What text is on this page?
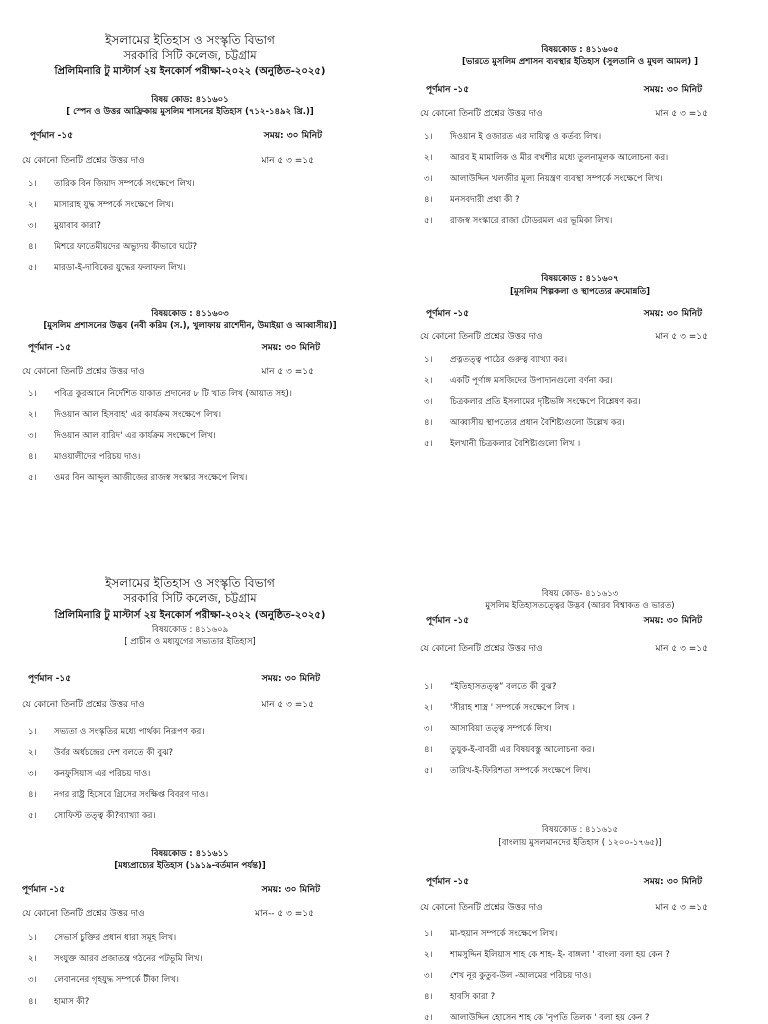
ইসলামের ইতিহাস ও সংস্কৃতি বিভাগ
সরকারি সিটি কলেজ, চট্টগ্রাম
প্রিলিমিনারি টু মাস্টার্স ২য় ইনকোর্স পরীক্ষা-২০২২ (অনুষ্ঠিত-২০২৫)
বিষয় কোড: ৪১১৬০১
[ স্পেন ও উত্তর আফ্রিকায় মুসলিম শাসনের ইতিহাস (৭১২-১৪৯২ খ্রি.)]
পূর্ণমান -১৫	সময়: ৩০ মিনিট
যে কোনো তিনটি প্রশ্নের উত্তর দাও	মান ৫ ৩ =১৫
১। তারিক বিন জিয়াদ সম্পর্কে সংক্ষেপে লিখ।
২। মাসারাহ যুদ্ধ সম্পর্কে সংক্ষেপে লিখ।
৩। মুয়াবাব কারা?
৪। মিশরে ফাতেমীয়দের অভ্যুদয় কীভাবে ঘটে?
৫। মারডা-ই-দাবিকের যুদ্ধের ফলাফল লিখ।
বিষয়কোড : ৪১১৬০৩
[মুসলিম প্রশাসনের উদ্ভব (নবী করিম (স.), খুলাফায় রাশেদীন, উমাইয়া ও আব্বাসীয়)]
পূর্ণমান -১৫	সময়: ৩০ মিনিট
যে কোনো তিনটি প্রশ্নের উত্তর দাও	মান ৫ ৩ =১৫
১। পবিত্র কুরআনে নির্দেশিত যাকাত প্রদানের ৮ টি খাত লিখ (আয়াত সহ)।
২। দিওয়ান আল হিসবাহ' এর কার্যক্রম সংক্ষেপে লিখ।
৩। দিওয়ান আল বারিদ' এর কার্যক্রম সংক্ষেপে লিখ।
৪। মাওয়ালীদের পরিচয় দাও।
৫। ওমর বিন আব্দুল আজীজের রাজস্ব সংস্কার সংক্ষেপে লিখ।
ইসলামের ইতিহাস ও সংস্কৃতি বিভাগ
সরকারি সিটি কলেজ, চট্টগ্রাম
প্রিলিমিনারি টু মাস্টার্স ২য় ইনকোর্স পরীক্ষা-২০২২ (অনুষ্ঠিত-২০২৫)
বিষয়কোড : ৪১১৬০৯
[ প্রাচীন ও মধ্যযুগের সভ্যতার ইতিহাস]
পূর্ণমান -১৫	সময়: ৩০ মিনিট
যে কোনো তিনটি প্রশ্নের উত্তর দাও	মান ৫ ৩ =১৫
১। সভ্যতা ও সংস্কৃতির মধ্যে পার্থক্য নিরূপণ কর।
২। উর্বর অর্ধচন্দ্রের দেশ বলতে কী বুঝ?
৩। কনফুসিয়াস এর পরিচয় দাও।
৪। নগর রাষ্ট্র হিসেবে গ্রিসের সংক্ষিপ্ত বিবরণ দাও।
৫। সোফিস্ট তত্ত্ব কী?ব্যাখ্যা কর।
বিষয়কোড : ৪১১৬১১
[মধ্যপ্রাচ্যের ইতিহাস (১৯১৯-বর্তমান পর্যন্ত)]
পূর্ণমান -১৫	সময়: ৩০ মিনিট
যে কোনো তিনটি প্রশ্নের উত্তর দাও	মান-- ৫ ৩ =১৫
১। সেভার্স চুক্তির প্রধান ধারা সমূহ লিখ।
২। সংযুক্ত আরব প্রজাতন্ত্র গঠনের পটভূমি লিখ।
৩। লেবাননের গৃহযুদ্ধ সম্পর্কে টীকা লিখ।
৪। হামাস কী?
বিষয়কোড : ৪১১৬০৫
[ভারতে মুসলিম প্রশাসন ব্যবস্থার ইতিহাস (সুলতানি ও মুঘল আমল) ]
পূর্ণমান -১৫	সময়: ৩০ মিনিট
যে কোনো তিনটি প্রশ্নের উত্তর দাও	মান ৫ ৩ =১৫
১। দিওয়ান ই ওজারত এর দায়িত্ব ও কর্তব্য লিখ।
২। আরব ই মামালিক ও মীর বখশীর মধ্যে তুলনামূলক আলোচনা কর।
৩। আলাউদ্দিন খলজীর মূল্য নিয়ন্ত্রণ ব্যবস্থা সম্পর্কে সংক্ষেপে লিখ।
৪। মনসবদারী প্রথা কী ?
৫। রাজস্ব সংস্কারে রাজা টোডরমল এর ভূমিকা লিখ।
বিষয়কোড : ৪১১৬০৭
[মুসলিম শিল্পকলা ও স্থাপত্যের ক্রমোন্নতি]
পূর্ণমান -১৫	সময়: ৩০ মিনিট
যে কোনো তিনটি প্রশ্নের উত্তর দাও	মান ৫ ৩ =১৫
১। প্রত্নতত্ত্ব পাঠের গুরুত্ব ব্যাখ্যা কর।
২। একটি পূর্ণাঙ্গ মসজিদের উপাদানগুলো বর্ণনা কর।
৩। চিত্রকলার প্রতি ইসলামের দৃষ্টিভঙ্গি সংক্ষেপে বিশ্লেষণ কর।
৪। আব্বাসীয় স্থাপত্যের প্রধান বৈশিষ্ট্যগুলো উল্লেখ কর।
৫। ইলখানী চিত্রকলার বৈশিষ্ট্যগুলো লিখ ।
বিষয় কোড- ৪১১৬১৩
মুসলিম ইতিহাসতত্ত্বের উদ্ভব (আরব বিশ্বাকত ও ভারত)
পূর্ণমান -১৫	সময়: ৩০ মিনিট
যে কোনো তিনটি প্রশ্নের উত্তর দাও	মান ৫ ৩ =১৫
১। “ইতিহাসতত্ত্ব” বলতে কী বুঝ?
২। 'সীরাহ শাস্ত্র ' সম্পর্কে সংক্ষেপে লিখ ।
৩। আসাবিয়া তত্ত্ব সম্পর্কে লিখ।
৪। তুযুক-ই-বাবরী এর বিষয়বস্তু আলোচনা কর।
৫। তারিখ-ই-ফিরিশতা সম্পর্কে সংক্ষেপে লিখ।
বিষয়কোড : ৪১১৬১৫
[বাংলায় মুসলমানদের ইতিহাস ( ১২০০-১৭৬৫)]
পূর্ণমান -১৫	সময়: ৩০ মিনিট
যে কোনো তিনটি প্রশ্নের উত্তর দাও	মান ৫ ৩ =১৫
১। মা-হুয়ান সম্পর্কে সংক্ষেপে লিখ।
২। শামসুদ্দিন ইলিয়াস শাহ কে শাহ- ই- বাঙ্গলা ' বাংলা বলা হয় কেন ?
৩। শেখ নূর কুতুব-উল -আলমের পরিচয় দাও।
৪। হাবসি কারা ?
৫। আলাউদ্দিন হোসেন শাহ কে 'নৃপতি তিলক ' বলা হয় কেন ?
